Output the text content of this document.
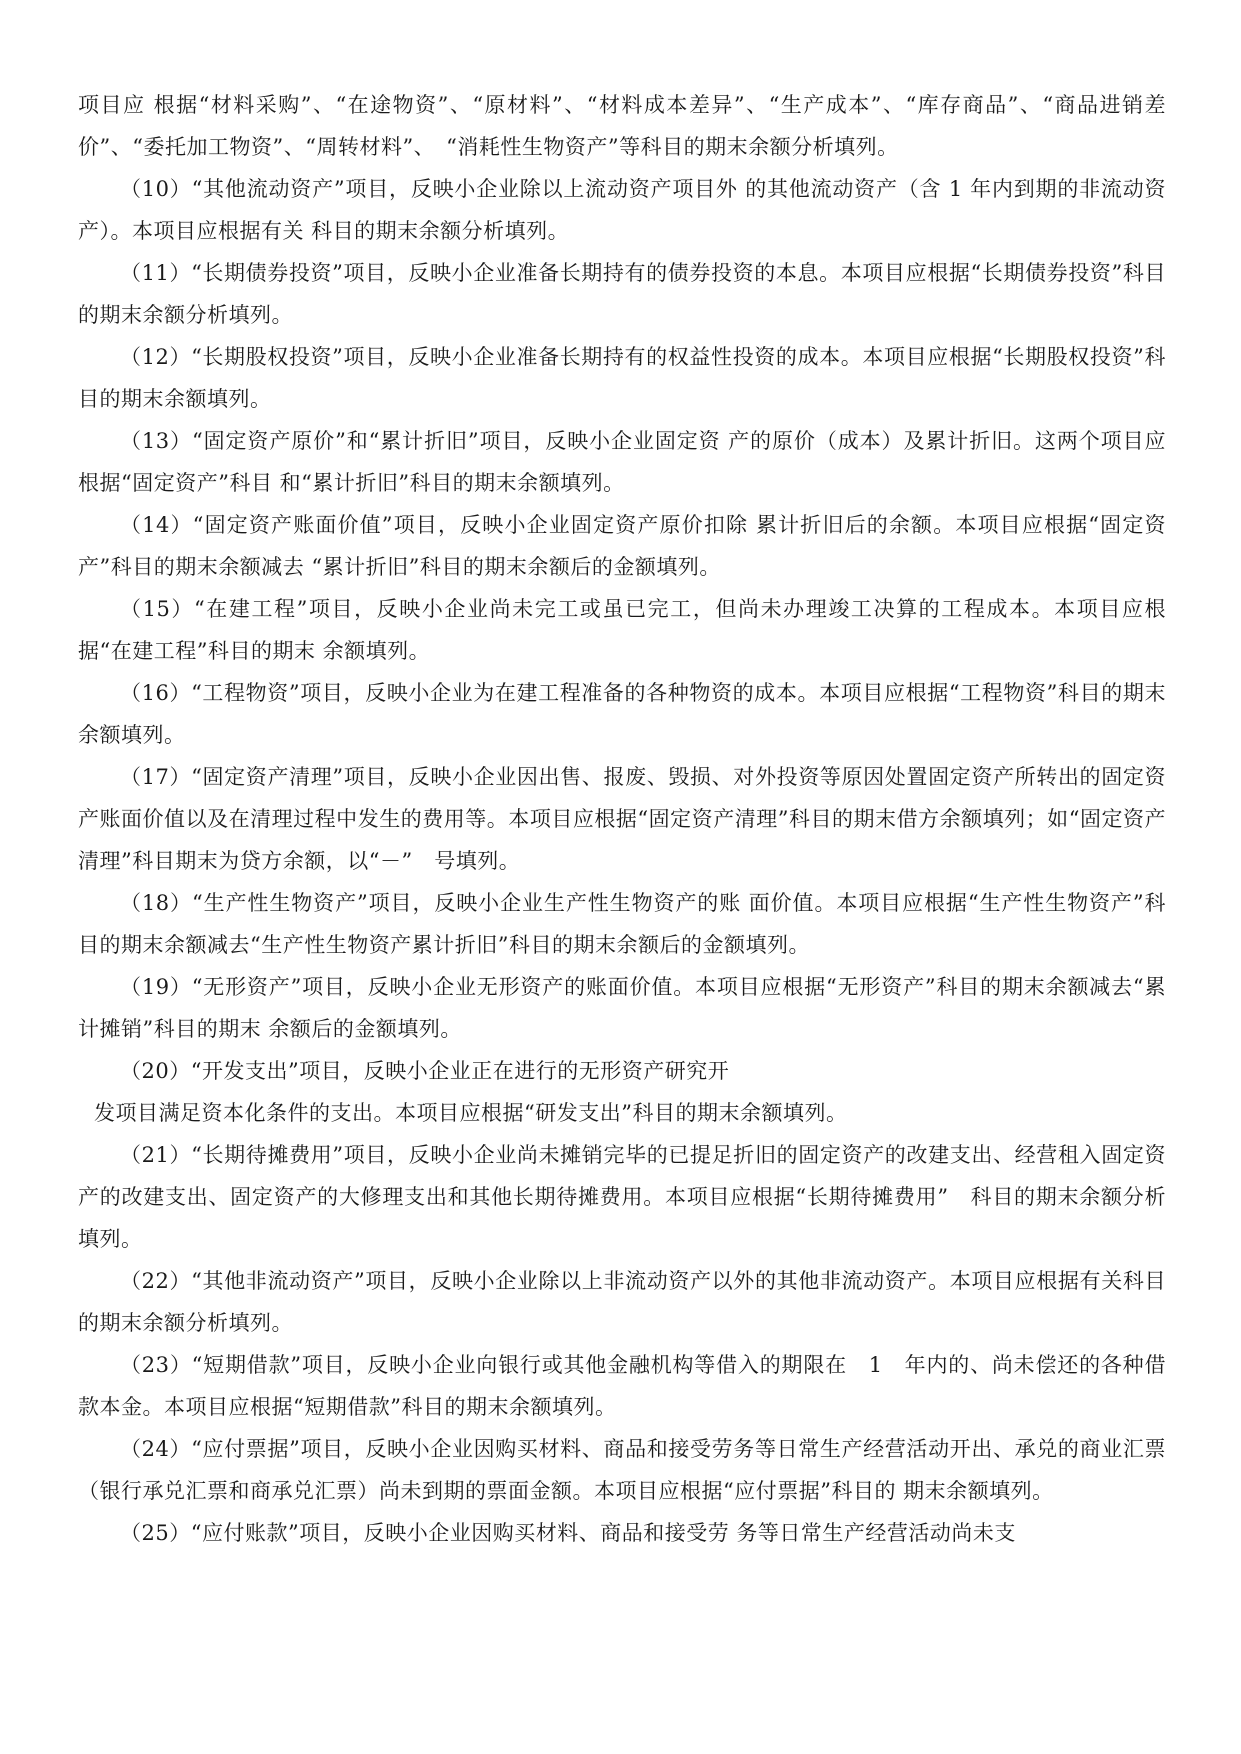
项目应 根据“材料采购”、“在途物资”、“原材料”、“材料成本差异”、“生产成本”、“库存商品”、“商品进销差价”、“委托加工物资”、“周转材料”、　“消耗性生物资产”等科目的期末余额分析填列。

（10）“其他流动资产”项目，反映小企业除以上流动资产项目外 的其他流动资产（含 1 年内到期的非流动资产）。本项目应根据有关 科目的期末余额分析填列。

（11）“长期债券投资”项目，反映小企业准备长期持有的债券投资的本息。本项目应根据“长期债券投资”科目的期末余额分析填列。

（12）“长期股权投资”项目，反映小企业准备长期持有的权益性投资的成本。本项目应根据“长期股权投资”科目的期末余额填列。

（13）“固定资产原价”和“累计折旧”项目，反映小企业固定资 产的原价（成本）及累计折旧。这两个项目应根据“固定资产”科目 和“累计折旧”科目的期末余额填列。

（14）“固定资产账面价值”项目，反映小企业固定资产原价扣除 累计折旧后的余额。本项目应根据“固定资产”科目的期末余额减去 “累计折旧”科目的期末余额后的金额填列。

（15）“在建工程”项目，反映小企业尚未完工或虽已完工，但尚未办理竣工决算的工程成本。本项目应根据“在建工程”科目的期末 余额填列。

（16）“工程物资”项目，反映小企业为在建工程准备的各种物资的成本。本项目应根据“工程物资”科目的期末余额填列。

（17）“固定资产清理”项目，反映小企业因出售、报废、毁损、对外投资等原因处置固定资产所转出的固定资产账面价值以及在清理过程中发生的费用等。本项目应根据“固定资产清理”科目的期末借方余额填列；如“固定资产清理”科目期末为贷方余额，以“－”　号填列。

（18）“生产性生物资产”项目，反映小企业生产性生物资产的账 面价值。本项目应根据“生产性生物资产”科目的期末余额减去“生产性生物资产累计折旧”科目的期末余额后的金额填列。

（19）“无形资产”项目，反映小企业无形资产的账面价值。本项目应根据“无形资产”科目的期末余额减去“累计摊销”科目的期末 余额后的金额填列。

（20）“开发支出”项目，反映小企业正在进行的无形资产研究开

发项目满足资本化条件的支出。本项目应根据“研发支出”科目的期末余额填列。

（21）“长期待摊费用”项目，反映小企业尚未摊销完毕的已提足折旧的固定资产的改建支出、经营租入固定资产的改建支出、固定资产的大修理支出和其他长期待摊费用。本项目应根据“长期待摊费用”　科目的期末余额分析填列。

（22）“其他非流动资产”项目，反映小企业除以上非流动资产以外的其他非流动资产。本项目应根据有关科目的期末余额分析填列。

（23）“短期借款”项目，反映小企业向银行或其他金融机构等借入的期限在　1　年内的、尚未偿还的各种借款本金。本项目应根据“短期借款”科目的期末余额填列。

（24）“应付票据”项目，反映小企业因购买材料、商品和接受劳务等日常生产经营活动开出、承兑的商业汇票（银行承兑汇票和商承兑汇票）尚未到期的票面金额。本项目应根据“应付票据”科目的 期末余额填列。

（25）“应付账款”项目，反映小企业因购买材料、商品和接受劳 务等日常生产经营活动尚未支
